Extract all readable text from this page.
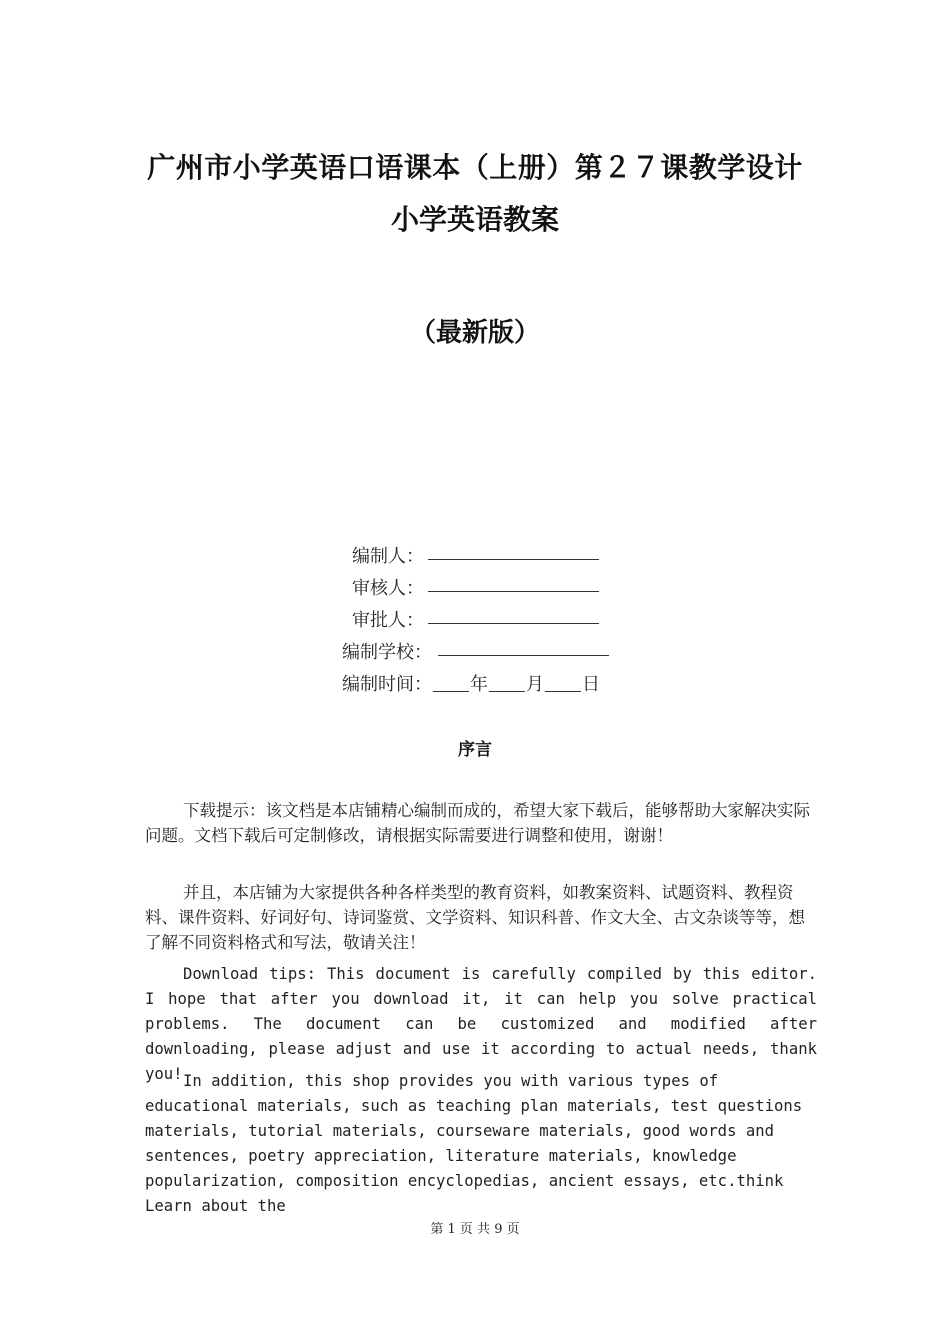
广州市小学英语口语课本（上册）第２７课教学设计
小学英语教案
（最新版）
编制人：
审核人：
审批人：
编制学校：
编制时间： 年 月 日
序言

下载提示：该文档是本店铺精心编制而成的，希望大家下载后，能够帮助大家解决实际问题。文档下载后可定制修改，请根据实际需要进行调整和使用，谢谢！

并且，本店铺为大家提供各种各样类型的教育资料，如教案资料、试题资料、教程资料、课件资料、好词好句、诗词鉴赏、文学资料、知识科普、作文大全、古文杂谈等等，想了解不同资料格式和写法，敬请关注！

Download tips: This document is carefully compiled by this editor. I hope that after you download it, it can help you solve practical problems. The document can be customized and modified after downloading, please adjust and use it according to actual needs, thank you! In addition, this shop provides you with various types of educational materials, such as teaching plan materials, test questions materials, tutorial materials, courseware materials, good words and sentences, poetry appreciation, literature materials, knowledge popularization, composition encyclopedias, ancient essays, etc.think Learn about the

第 1 页 共 9 页
